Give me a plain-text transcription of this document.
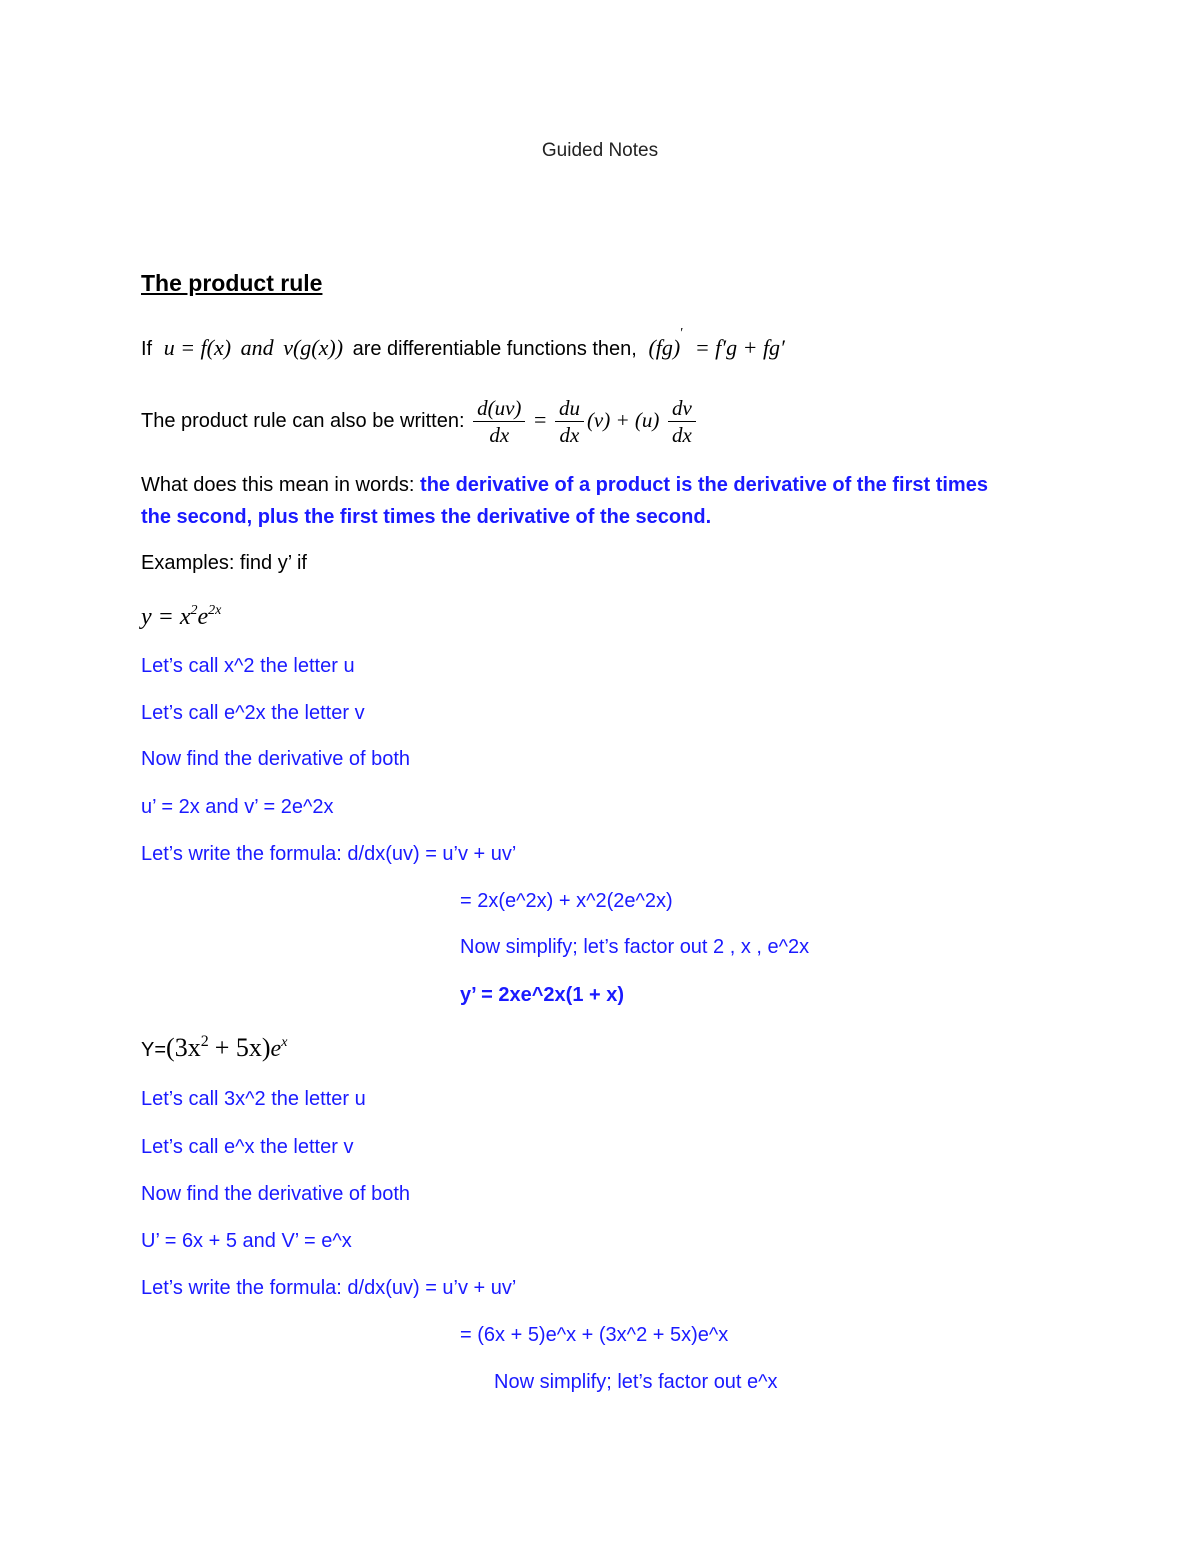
Guided Notes
The product rule
If u = f(x) and v(g(x)) are differentiable functions then, (fg)′ = f′g + fg′
The product rule can also be written: $\frac{d(uv)}{dx} = \frac{du}{dx} (v) + (u) \frac{dv}{dx}$
What does this mean in words: the derivative of a product is the derivative of the first times
the second, plus the first times the derivative of the second.
Examples: find y’ if
$y = x^2e^{2x}$
Let’s call x^2 the letter u
Let’s call e^2x the letter v
Now find the derivative of both
u’ = 2x and v’ = 2e^2x
Let’s write the formula: d/dx(uv) = u’v + uv’
= 2x(e^2x) + x^2(2e^2x)
Now simplify; let’s factor out 2 , x , e^2x
y’ = 2xe^2x(1 + x)
$Y=(3x^2 + 5x)e^x$
Let’s call 3x^2 the letter u
Let’s call e^x the letter v
Now find the derivative of both
U’ = 6x + 5 and V’ = e^x
Let’s write the formula: d/dx(uv) = u’v + uv’
= (6x + 5)e^x + (3x^2 + 5x)e^x
Now simplify; let’s factor out e^x
